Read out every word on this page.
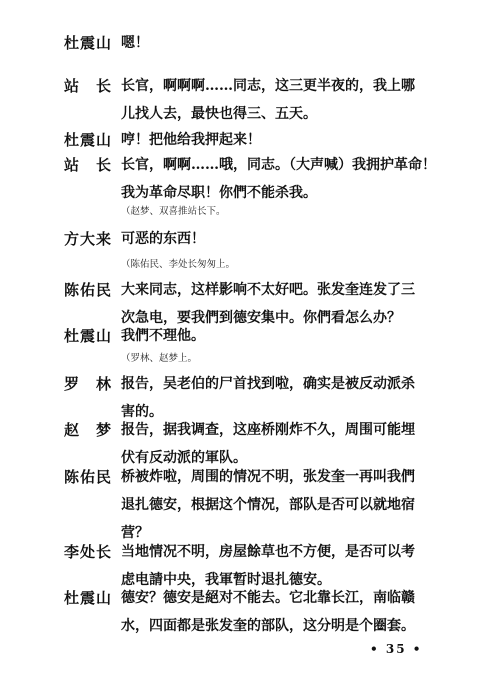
杜震山 嗯！
站　长 长官，啊啊啊……同志，这三更半夜的，我上哪
儿找人去，最快也得三、五天。
杜震山 哼！把他给我押起来！
站　长 长官，啊啊……哦，同志。（大声喊）我拥护革命！
我为革命尽职！你們不能杀我。
（赵梦、双喜推站长下。
方大来 可恶的东西！
（陈佑民、李处长匆匆上。
陈佑民 大来同志，这样影响不太好吧。张发奎连发了三
次急电，要我們到德安集中。你們看怎么办？
杜震山 我們不理他。
（罗林、赵梦上。
罗　林 报告，吴老伯的尸首找到啦，确实是被反动派杀
害的。
赵　梦 报告，据我调查，这座桥刚炸不久，周围可能埋
伏有反动派的軍队。
陈佑民 桥被炸啦，周围的情况不明，张发奎一再叫我們
退扎德安，根据这个情况，部队是否可以就地宿
营？
李处长 当地情况不明，房屋餘草也不方便，是否可以考
虑电請中央，我軍暂时退扎德安。
杜震山 德安？德安是絕对不能去。它北靠长江，南临赣
水，四面都是张发奎的部队，这分明是个圈套。
• 35 •
